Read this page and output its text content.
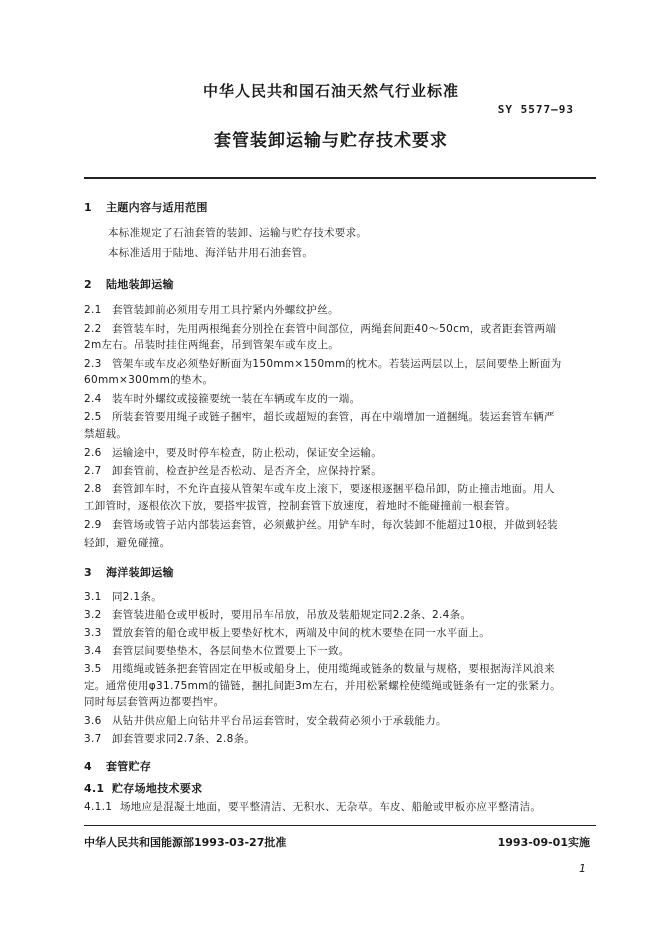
中华人民共和国石油天然气行业标准
SY 5577—93
套管装卸运输与贮存技术要求
1 主题内容与适用范围
本标准规定了石油套管的装卸、运输与贮存技术要求。
本标准适用于陆地、海洋钻井用石油套管。
2 陆地装卸运输
2.1 套管装卸前必须用专用工具拧紧内外螺纹护丝。
2.2 套管装车时，先用两根绳套分别拴在套管中间部位，两绳套间距40～50cm，或者距套管两端
2m左右。吊装时挂住两绳套，吊到管架车或车皮上。
2.3 管架车或车皮必须垫好断面为150mm×150mm的枕木。若装运两层以上，层间要垫上断面为
60mm×300mm的垫木。
2.4 装车时外螺纹或接箍要统一装在车辆或车皮的一端。
2.5 所装套管要用绳子或链子捆牢，超长或超短的套管，再在中端增加一道捆绳。装运套管车辆严
禁超载。
2.6 运输途中，要及时停车检查，防止松动，保证安全运输。
2.7 卸套管前，检查护丝是否松动、是否齐全，应保持拧紧。
2.8 套管卸车时，不允许直接从管架车或车皮上滚下，要逐根逐捆平稳吊卸，防止撞击地面。用人
工卸管时，逐根依次下放，要搭牢拔管，控制套管下放速度，着地时不能碰撞前一根套管。
2.9 套管场或管子站内部装运套管，必须戴护丝。用铲车时，每次装卸不能超过10根，并做到轻装
轻卸，避免碰撞。
3 海洋装卸运输
3.1 同2.1条。
3.2 套管装进船仓或甲板时，要用吊车吊放，吊放及装船规定同2.2条、2.4条。
3.3 置放套管的船仓或甲板上要垫好枕木，两端及中间的枕木要垫在同一水平面上。
3.4 套管层间要垫垫木，各层间垫木位置要上下一致。
3.5 用缆绳或链条把套管固定在甲板或船身上，使用缆绳或链条的数量与规格，要根据海洋风浪来
定。通常使用φ31.75mm的锚链，捆扎间距3m左右，并用松紧螺栓使缆绳或链条有一定的张紧力。
同时每层套管两边都要挡牢。
3.6 从钻井供应船上向钻井平台吊运套管时，安全载荷必须小于承载能力。
3.7 卸套管要求同2.7条、2.8条。
4 套管贮存
4.1 贮存场地技术要求
4.1.1 场地应是混凝土地面，要平整清洁、无积水、无杂草。车皮、船舱或甲板亦应平整清洁。
中华人民共和国能源部1993-03-27批准	1993-09-01实施
1
